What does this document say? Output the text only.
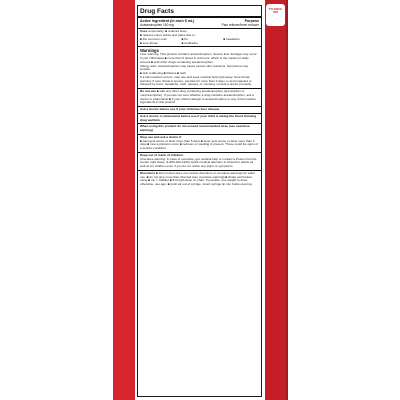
TYLENOL
500
Drug Facts
Active ingredient (in each 5 mL)	Purpose
Acetaminophen 160 mg	Pain reliever/fever reducer
Uses temporarily: ■ reduces fever
■ relieves minor aches and pains due to:
■ the common cold	■ flu	■ headache
■ sore throat	■ toothache
Warnings
Liver warning: This product contains acetaminophen. Severe liver damage may occur if your child takes ■ more than 5 doses in 24 hours, which is the maximum daily amount ■ with other drugs containing acetaminophen
Allergy alert: Acetaminophen may cause severe skin reactions. Symptoms may include:
■ skin reddening ■ blisters ■ rash
If a skin reaction occurs, stop use and seek medical help right away. Sore throat warning: If sore throat is severe, persists for more than 2 days, is accompanied or followed by fever, headache, rash, nausea, or vomiting, consult a doctor promptly.
Do not use ■ with any other drug containing acetaminophen (prescription or nonprescription). If you are not sure whether a drug contains acetaminophen, ask a doctor or pharmacist ■ if your child is allergic to acetaminophen or any of the inactive ingredients in this product
Ask a doctor before use if your child has liver disease
Ask a doctor or pharmacist before use if your child is taking the blood thinning drug warfarin
When using this product do not exceed recommended dose (see overdose warning)
Stop use and ask a doctor if
■ pain gets worse or lasts more than 5 days ■ fever gets worse or lasts more than 3 days ■ new symptoms occur ■ redness or swelling is present. These could be signs of a serious condition.
Keep out of reach of children.
Overdose warning: In case of overdose, get medical help or contact a Poison Control Center right away. (1-800-222-1222) Quick medical attention is critical for adults as well as for children even if you do not notice any signs or symptoms.
Directions ■ this product does not contain directions or complete warnings for adult use. ■ do not give more than directed (see overdose warning) ■ shake well before using ■ mL = milliliter ■ find right dose on chart. If possible, use weight to dose; otherwise, use age. ■ push air out of syringe. Insert syringe tip into bottle opening.
